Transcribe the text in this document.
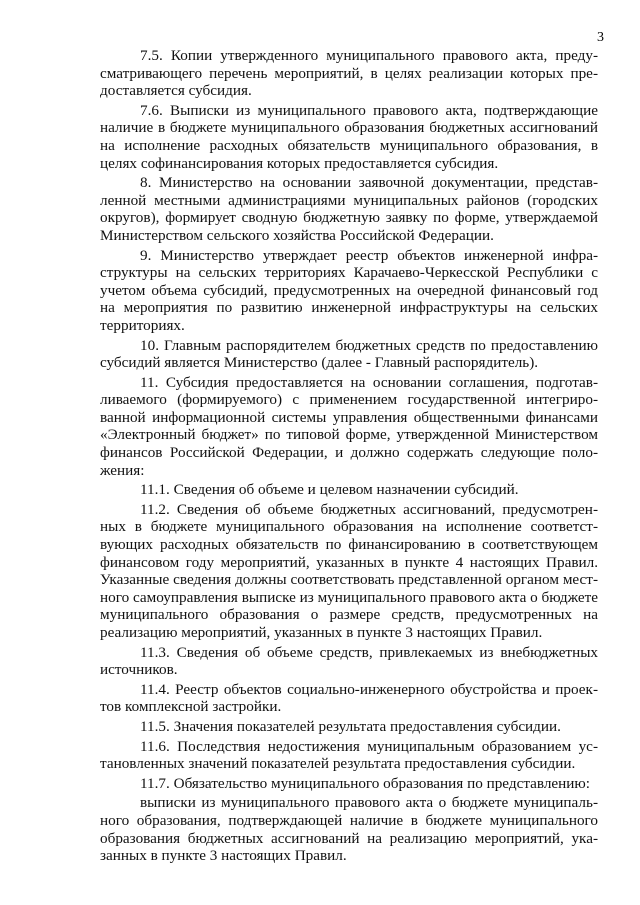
3

7.5. Копии утвержденного муниципального правового акта, предусматривающего перечень мероприятий, в целях реализации которых предоставляется субсидия.

7.6. Выписки из муниципального правового акта, подтверждающие наличие в бюджете муниципального образования бюджетных ассигнований на исполнение расходных обязательств муниципального образования, в целях софинансирования которых предоставляется субсидия.

8. Министерство на основании заявочной документации, представленной местными администрациями муниципальных районов (городских округов), формирует сводную бюджетную заявку по форме, утверждаемой Министерством сельского хозяйства Российской Федерации.

9. Министерство утверждает реестр объектов инженерной инфраструктуры на сельских территориях Карачаево-Черкесской Республики с учетом объема субсидий, предусмотренных на очередной финансовый год на мероприятия по развитию инженерной инфраструктуры на сельских территориях.

10. Главным распорядителем бюджетных средств по предоставлению субсидий является Министерство (далее - Главный распорядитель).

11. Субсидия предоставляется на основании соглашения, подготавливаемого (формируемого) с применением государственной интегрированной информационной системы управления общественными финансами «Электронный бюджет» по типовой форме, утвержденной Министерством финансов Российской Федерации, и должно содержать следующие положения:

11.1. Сведения об объеме и целевом назначении субсидий.

11.2. Сведения об объеме бюджетных ассигнований, предусмотренных в бюджете муниципального образования на исполнение соответствующих расходных обязательств по финансированию в соответствующем финансовом году мероприятий, указанных в пункте 4 настоящих Правил. Указанные сведения должны соответствовать представленной органом местного самоуправления выписке из муниципального правового акта о бюджете муниципального образования о размере средств, предусмотренных на реализацию мероприятий, указанных в пункте 3 настоящих Правил.

11.3. Сведения об объеме средств, привлекаемых из внебюджетных источников.

11.4. Реестр объектов социально-инженерного обустройства и проектов комплексной застройки.

11.5. Значения показателей результата предоставления субсидии.

11.6. Последствия недостижения муниципальным образованием установленных значений показателей результата предоставления субсидии.

11.7. Обязательство муниципального образования по представлению:

выписки из муниципального правового акта о бюджете муниципального образования, подтверждающей наличие в бюджете муниципального образования бюджетных ассигнований на реализацию мероприятий, указанных в пункте 3 настоящих Правил.
